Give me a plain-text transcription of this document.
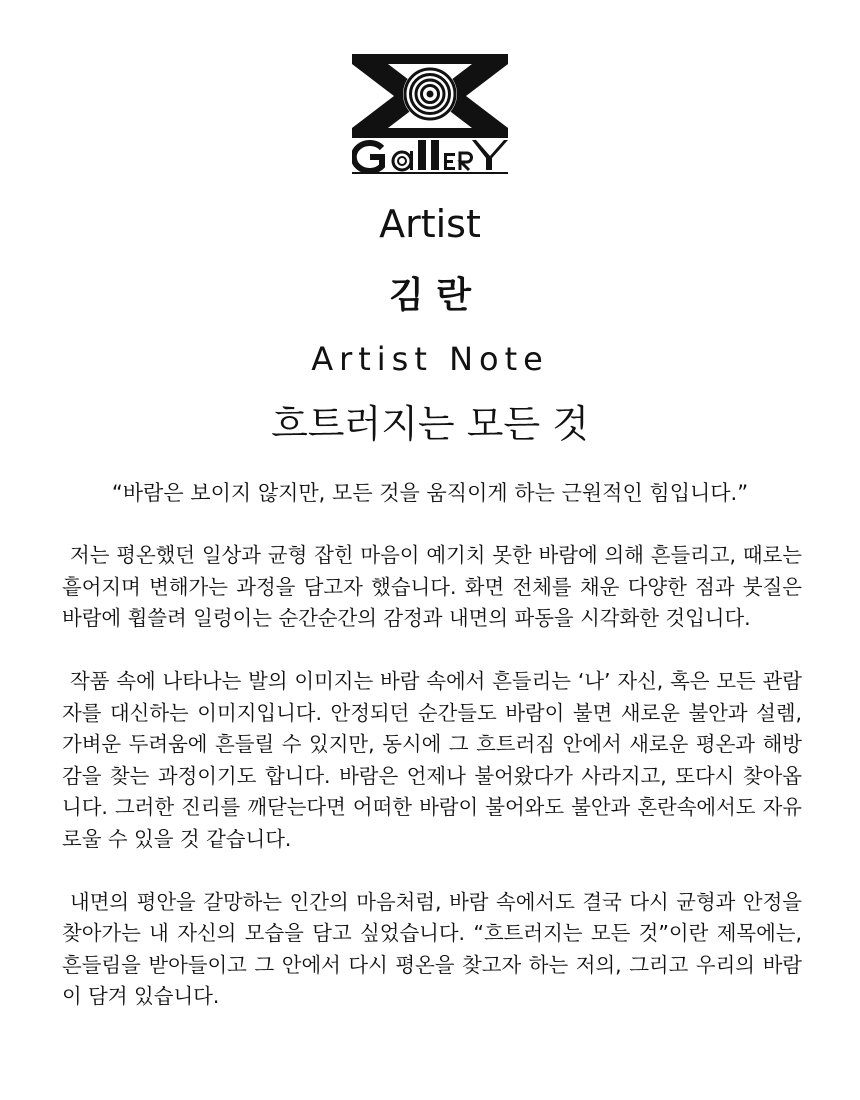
Artist
김 란
Artist Note
흐트러지는 모든 것
“바람은 보이지 않지만, 모든 것을 움직이게 하는 근원적인 힘입니다.”

저는 평온했던 일상과 균형 잡힌 마음이 예기치 못한 바람에 의해 흔들리고, 때로는 흩어지며 변해가는 과정을 담고자 했습니다. 화면 전체를 채운 다양한 점과 붓질은 바람에 휩쓸려 일렁이는 순간순간의 감정과 내면의 파동을 시각화한 것입니다.

작품 속에 나타나는 발의 이미지는 바람 속에서 흔들리는 ‘나’ 자신, 혹은 모든 관람자를 대신하는 이미지입니다. 안정되던 순간들도 바람이 불면 새로운 불안과 설렘, 가벼운 두려움에 흔들릴 수 있지만, 동시에 그 흐트러짐 안에서 새로운 평온과 해방감을 찾는 과정이기도 합니다. 바람은 언제나 불어왔다가 사라지고, 또다시 찾아옵니다. 그러한 진리를 깨닫는다면 어떠한 바람이 불어와도 불안과 혼란속에서도 자유로울 수 있을 것 같습니다.

내면의 평안을 갈망하는 인간의 마음처럼, 바람 속에서도 결국 다시 균형과 안정을 찾아가는 내 자신의 모습을 담고 싶었습니다. “흐트러지는 모든 것”이란 제목에는, 흔들림을 받아들이고 그 안에서 다시 평온을 찾고자 하는 저의, 그리고 우리의 바람이 담겨 있습니다.
